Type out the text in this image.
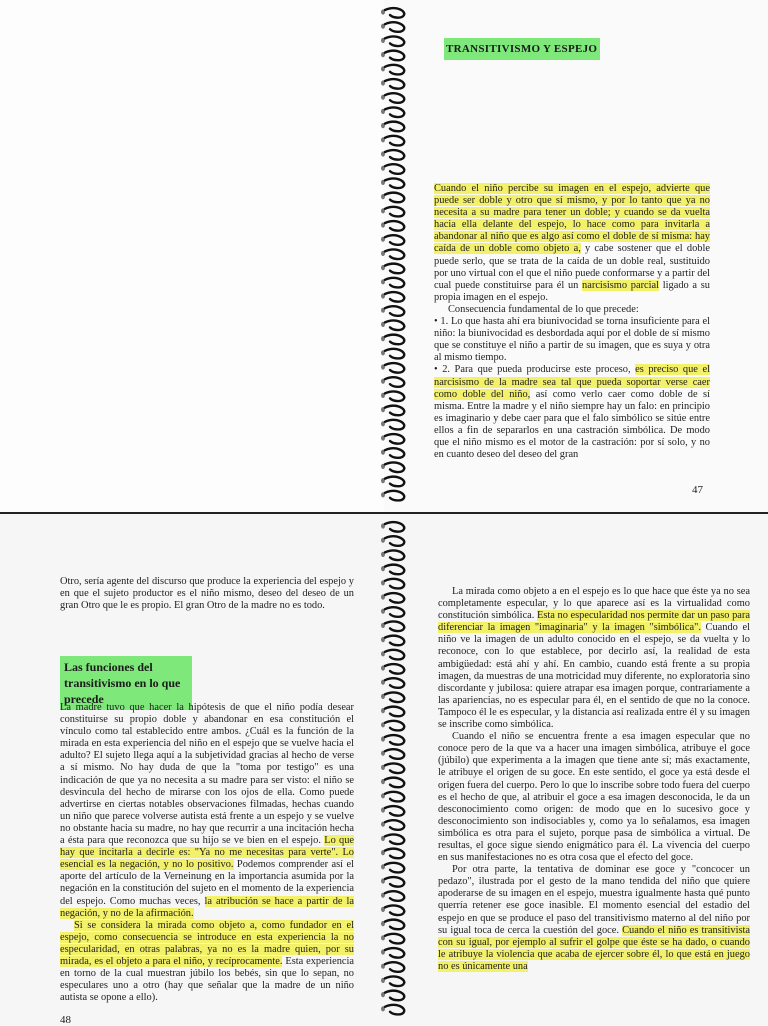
TRANSITIVISMO Y ESPEJO

Cuando el niño percibe su imagen en el espejo, advierte que puede ser doble y otro que sí mismo, y por lo tanto que ya no necesita a su madre para tener un doble; y cuando se da vuelta hacia ella delante del espejo, lo hace como para invitarla a abandonar al niño que es algo así como el doble de sí misma: hay caída de un doble como objeto a, y cabe sostener que el doble puede serlo, que se trata de la caída de un doble real, sustituido por uno virtual con el que el niño puede conformarse y a partir del cual puede constituirse para él un narcisismo parcial ligado a su propia imagen en el espejo.

Consecuencia fundamental de lo que precede:

• 1. Lo que hasta ahí era biunivocidad se torna insuficiente para el niño: la biunivocidad es desbordada aquí por el doble de sí mismo que se constituye el niño a partir de su imagen, que es suya y otra al mismo tiempo.

• 2. Para que pueda producirse este proceso, es preciso que el narcisismo de la madre sea tal que pueda soportar verse caer como doble del niño, así como verlo caer como doble de sí misma. Entre la madre y el niño siempre hay un falo: en principio es imaginario y debe caer para que el falo simbólico se sitúe entre ellos a fin de separarlos en una castración simbólica. De modo que el niño mismo es el motor de la castración: por sí solo, y no en cuanto deseo del deseo del gran

47

Otro, sería agente del discurso que produce la experiencia del espejo y en que el sujeto productor es el niño mismo, deseo del deseo de un gran Otro que le es propio. El gran Otro de la madre no es todo.

Las funciones del transitivismo en lo que precede

La madre tuvo que hacer la hipótesis de que el niño podía desear constituirse su propio doble y abandonar en esa constitución el vínculo como tal establecido entre ambos. ¿Cuál es la función de la mirada en esta experiencia del niño en el espejo que se vuelve hacia el adulto? El sujeto llega aquí a la subjetividad gracias al hecho de verse a sí mismo. No hay duda de que la "toma por testigo" es una indicación de que ya no necesita a su madre para ser visto: el niño se desvincula del hecho de mirarse con los ojos de ella. Como puede advertirse en ciertas notables observaciones filmadas, hechas cuando un niño que parece volverse autista está frente a un espejo y se vuelve no obstante hacia su madre, no hay que recurrir a una incitación hecha a ésta para que reconozca que su hijo se ve bien en el espejo. Lo que hay que incitarla a decirle es: "Ya no me necesitas para verte". Lo esencial es la negación, y no lo positivo. Podemos comprender así el aporte del artículo de la Verneinung en la importancia asumida por la negación en la constitución del sujeto en el momento de la experiencia del espejo. Como muchas veces, la atribución se hace a partir de la negación, y no de la afirmación.

Si se considera la mirada como objeto a, como fundador en el espejo, como consecuencia se introduce en esta experiencia la no especularidad, en otras palabras, ya no es la madre quien, por su mirada, es el objeto a para el niño, y recíprocamente. Esta experiencia en torno de la cual muestran júbilo los bebés, sin que lo sepan, no especulares uno a otro (hay que señalar que la madre de un niño autista se opone a ello).

48

La mirada como objeto a en el espejo es lo que hace que éste ya no sea completamente especular, y lo que aparece así es la virtualidad como constitución simbólica. Esta no especularidad nos permite dar un paso para diferenciar la imagen "imaginaria" y la imagen "simbólica". Cuando el niño ve la imagen de un adulto conocido en el espejo, se da vuelta y lo reconoce, con lo que establece, por decirlo así, la realidad de esta ambigüedad: está ahí y ahí. En cambio, cuando está frente a su propia imagen, da muestras de una motricidad muy diferente, no exploratoria sino discordante y jubilosa: quiere atrapar esa imagen porque, contrariamente a las apariencias, no es especular para él, en el sentido de que no la conoce. Tampoco él le es especular, y la distancia así realizada entre él y su imagen se inscribe como simbólica.

Cuando el niño se encuentra frente a esa imagen especular que no conoce pero de la que va a hacer una imagen simbólica, atribuye el goce (júbilo) que experimenta a la imagen que tiene ante sí; más exactamente, le atribuye el origen de su goce. En este sentido, el goce ya está desde el origen fuera del cuerpo. Pero lo que lo inscribe sobre todo fuera del cuerpo es el hecho de que, al atribuir el goce a esa imagen desconocida, le da un desconocimiento como origen: de modo que en lo sucesivo goce y desconocimiento son indisociables y, como ya lo señalamos, esa imagen simbólica es otra para el sujeto, porque pasa de simbólica a virtual. De resultas, el goce sigue siendo enigmático para él. La vivencia del cuerpo en sus manifestaciones no es otra cosa que el efecto del goce.

Por otra parte, la tentativa de dominar ese goce y "concocer un pedazo", ilustrada por el gesto de la mano tendida del niño que quiere apoderarse de su imagen en el espejo, muestra igualmente hasta qué punto querría retener ese goce inasible. El momento esencial del estadio del espejo en que se produce el paso del transitivismo materno al del niño por su igual toca de cerca la cuestión del goce. Cuando el niño es transitivista con su igual, por ejemplo al sufrir el golpe que éste se ha dado, o cuando le atribuye la violencia que acaba de ejercer sobre él, lo que está en juego no es únicamente una
